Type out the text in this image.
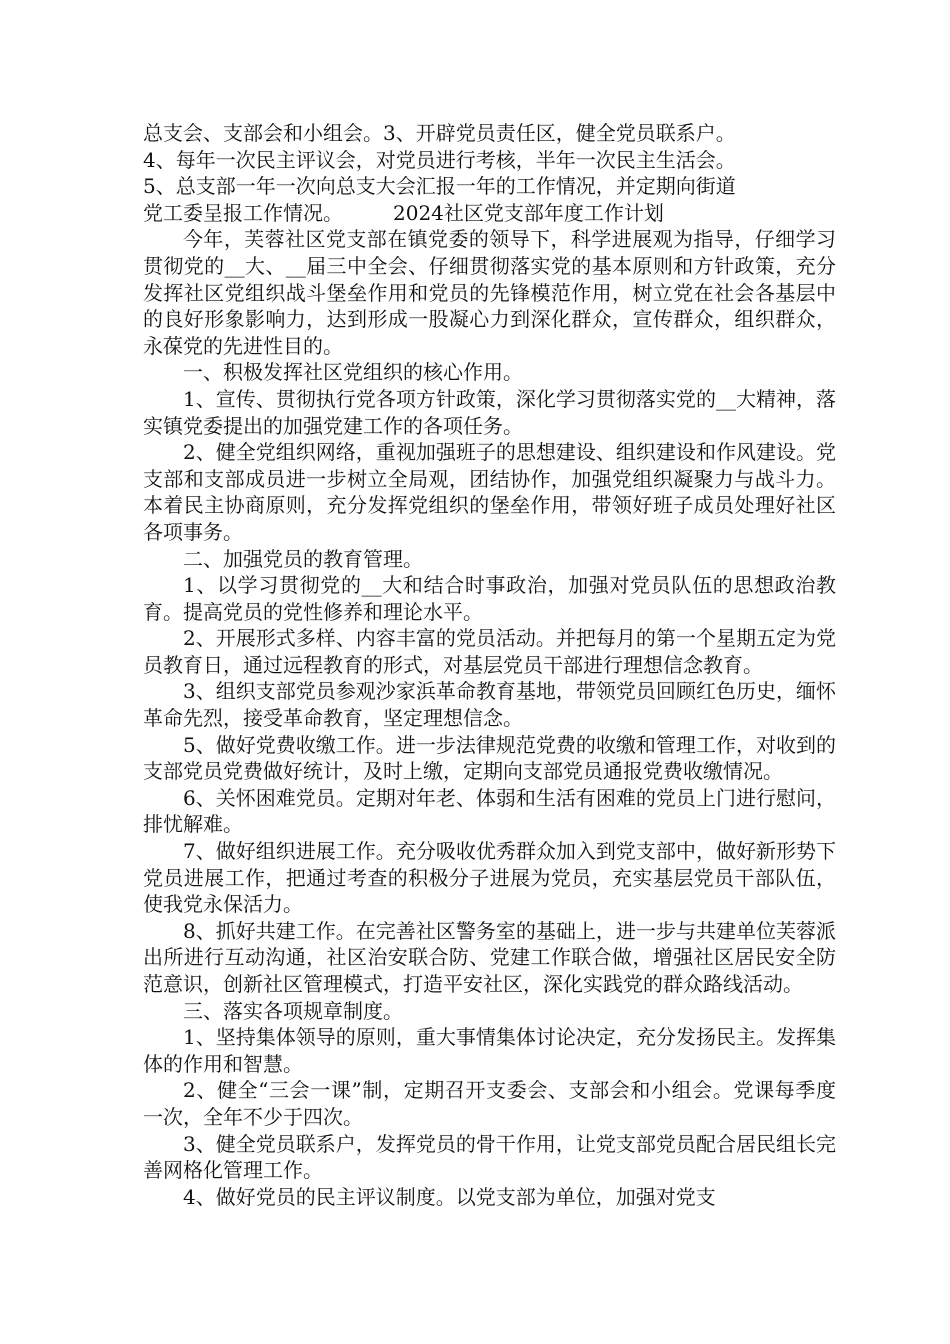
总支会、支部会和小组会。3、开辟党员责任区，健全党员联系户。

4、每年一次民主评议会，对党员进行考核，半年一次民主生活会。

5、总支部一年一次向总支大会汇报一年的工作情况，并定期向街道

党工委呈报工作情况。	2024社区党支部年度工作计划

今年，芙蓉社区党支部在镇党委的领导下，科学进展观为指导，仔细学习贯彻党的__大、__届三中全会、仔细贯彻落实党的基本原则和方针政策，充分发挥社区党组织战斗堡垒作用和党员的先锋模范作用，树立党在社会各基层中的良好形象影响力，达到形成一股凝心力到深化群众，宣传群众，组织群众，永葆党的先进性目的。

一、积极发挥社区党组织的核心作用。

1、宣传、贯彻执行党各项方针政策，深化学习贯彻落实党的__大精神，落实镇党委提出的加强党建工作的各项任务。

2、健全党组织网络，重视加强班子的思想建设、组织建设和作风建设。党支部和支部成员进一步树立全局观，团结协作，加强党组织凝聚力与战斗力。本着民主协商原则，充分发挥党组织的堡垒作用，带领好班子成员处理好社区各项事务。

二、加强党员的教育管理。

1、以学习贯彻党的__大和结合时事政治，加强对党员队伍的思想政治教育。提高党员的党性修养和理论水平。

2、开展形式多样、内容丰富的党员活动。并把每月的第一个星期五定为党员教育日，通过远程教育的形式，对基层党员干部进行理想信念教育。

3、组织支部党员参观沙家浜革命教育基地，带领党员回顾红色历史，缅怀革命先烈，接受革命教育，坚定理想信念。

5、做好党费收缴工作。进一步法律规范党费的收缴和管理工作，对收到的支部党员党费做好统计，及时上缴，定期向支部党员通报党费收缴情况。

6、关怀困难党员。定期对年老、体弱和生活有困难的党员上门进行慰问，排忧解难。

7、做好组织进展工作。充分吸收优秀群众加入到党支部中，做好新形势下党员进展工作，把通过考查的积极分子进展为党员，充实基层党员干部队伍，使我党永保活力。

8、抓好共建工作。在完善社区警务室的基础上，进一步与共建单位芙蓉派出所进行互动沟通，社区治安联合防、党建工作联合做，增强社区居民安全防范意识，创新社区管理模式，打造平安社区，深化实践党的群众路线活动。

三、落实各项规章制度。

1、坚持集体领导的原则，重大事情集体讨论决定，充分发扬民主。发挥集体的作用和智慧。

2、健全“三会一课”制，定期召开支委会、支部会和小组会。党课每季度一次，全年不少于四次。

3、健全党员联系户，发挥党员的骨干作用，让党支部党员配合居民组长完善网格化管理工作。

4、做好党员的民主评议制度。以党支部为单位，加强对党支
